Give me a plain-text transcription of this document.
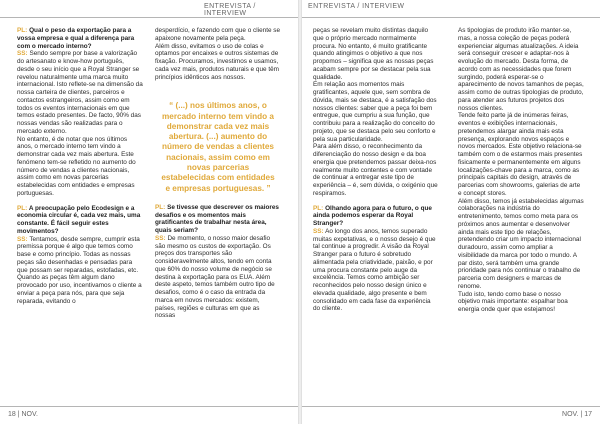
ENTREVISTA / INTERVIEW

PL: Qual o peso da exportação para a vossa empresa e qual a diferença para com o mercado interno?

SS: Sendo sempre por base a valorização do artesanato e know-how português, desde o seu início que a Royal Stranger se revelou naturalmente uma marca muito internacional. Isto reflete-se na dimensão da nossa carteira de clientes, parceiros e contactos estrangeiros, assim como em todos os eventos internacionais em que temos estado presentes. De facto, 90% das nossas vendas são realizadas para o mercado externo.

No entanto, é de notar que nos últimos anos, o mercado interno tem vindo a demonstrar cada vez mais abertura. Este fenómeno tem-se refletido no aumento do número de vendas a clientes nacionais, assim como em novas parcerias estabelecidas com entidades e empresas portuguesas.

PL: A preocupação pelo Ecodesign e a economia circular é, cada vez mais, uma constante. É fácil seguir estes movimentos?

SS: Tentamos, desde sempre, cumprir esta premissa porque é algo que temos como base e como princípio. Todas as nossas peças são desenhadas e pensadas para que possam ser reparadas, estofadas, etc.

Quando as peças têm algum dano provocado por uso, incentivamos o cliente a enviar a peça para nós, para que seja reparada, evitando o

desperdício, e fazendo com que o cliente se apaixone novamente pela peça.

Além disso, evitamos o uso de colas e optamos por encaixes e outros sistemas de fixação. Procuramos, investimos e usamos, cada vez mais, produtos naturais e que têm princípios idênticos aos nossos.

“ (...) nos últimos anos, o mercado interno tem vindo a demonstrar cada vez mais abertura. (...) aumento do número de vendas a clientes nacionais, assim como em novas parcerias estabelecidas com entidades e empresas portuguesas. ”

PL: Se tivesse que descrever os maiores desafios e os momentos mais gratificantes de trabalhar nesta área, quais seriam?

SS: De momento, o nosso maior desafio são mesmo os custos de exportação. Os preços dos transportes são consideravelmente altos, tendo em conta que 60% do nosso volume de negócio se destina à exportação para os EUA. Além deste aspeto, temos também outro tipo de desafios, como é o caso da entrada da marca em novos mercados: existem, países, regiões e culturas em que as nossas

18 | NOV.
ENTREVISTA / INTERVIEW

peças se revelam muito distintas daquilo que o próprio mercado normalmente procura. No entanto, é muito gratificante quando atingimos o objetivo a que nos propomos – significa que as nossas peças acabam sempre por se destacar pela sua qualidade.

Em relação aos momentos mais gratificantes, aquele que, sem sombra de dúvida, mais se destaca, é a satisfação dos nossos clientes: saber que a peça foi bem entregue, que cumpriu a sua função, que contribuiu para a realização do conceito do projeto, que se destaca pelo seu conforto e pela sua particularidade.

Para além disso, o reconhecimento da diferenciação do nosso design e da boa energia que pretendemos passar deixa-nos realmente muito contentes e com vontade de continuar a entregar este tipo de experiência – é, sem dúvida, o oxigénio que respiramos.

PL: Olhando agora para o futuro, o que ainda podemos esperar da Royal Stranger?

SS: Ao longo dos anos, temos superado muitas expetativas, e o nosso desejo é que tal continue a progredir. A visão da Royal Stranger para o futuro é sobretudo alimentada pela criatividade, paixão, e por uma procura constante pelo auge da excelência. Temos como ambição ser reconhecidos pelo nosso design único e elevada qualidade, algo presente e bem consolidado em cada fase da experiência do cliente.

As tipologias de produto irão manter-se, mas, a nossa coleção de peças poderá experienciar algumas atualizações. A ideia será conseguir crescer e adaptar-nos à evolução do mercado. Desta forma, de acordo com as necessidades que forem surgindo, poderá esperar-se o aparecimento de novos tamanhos de peças, assim como de outras tipologias de produto, para atender aos futuros projetos dos nossos clientes.

Tende feito parte já de inúmeras feiras, eventos e exibições internacionais, pretendemos alargar ainda mais esta presença, explorando novos espaços e novos mercados. Este objetivo relaciona-se também com o de estarmos mais presentes fisicamente e permanentemente em alguns localizações-chave para a marca, como as principais capitais do design, através de parcerias com showrooms, galerias de arte e concept stores.

Além disso, temos já estabelecidas algumas colaborações na indústria do entretenimento, temos como meta para os próximos anos aumentar e desenvolver ainda mais este tipo de relações, pretendendo criar um impacto internacional duradouro, assim como ampliar a visibilidade da marca por todo o mundo. A par disto, será também uma grande prioridade para nós continuar o trabalho de parceria com designers e marcas de renome.

Tudo isto, tendo como base o nosso objetivo mais importante: espalhar boa energia onde quer que estejamos!

NOV. | 17
